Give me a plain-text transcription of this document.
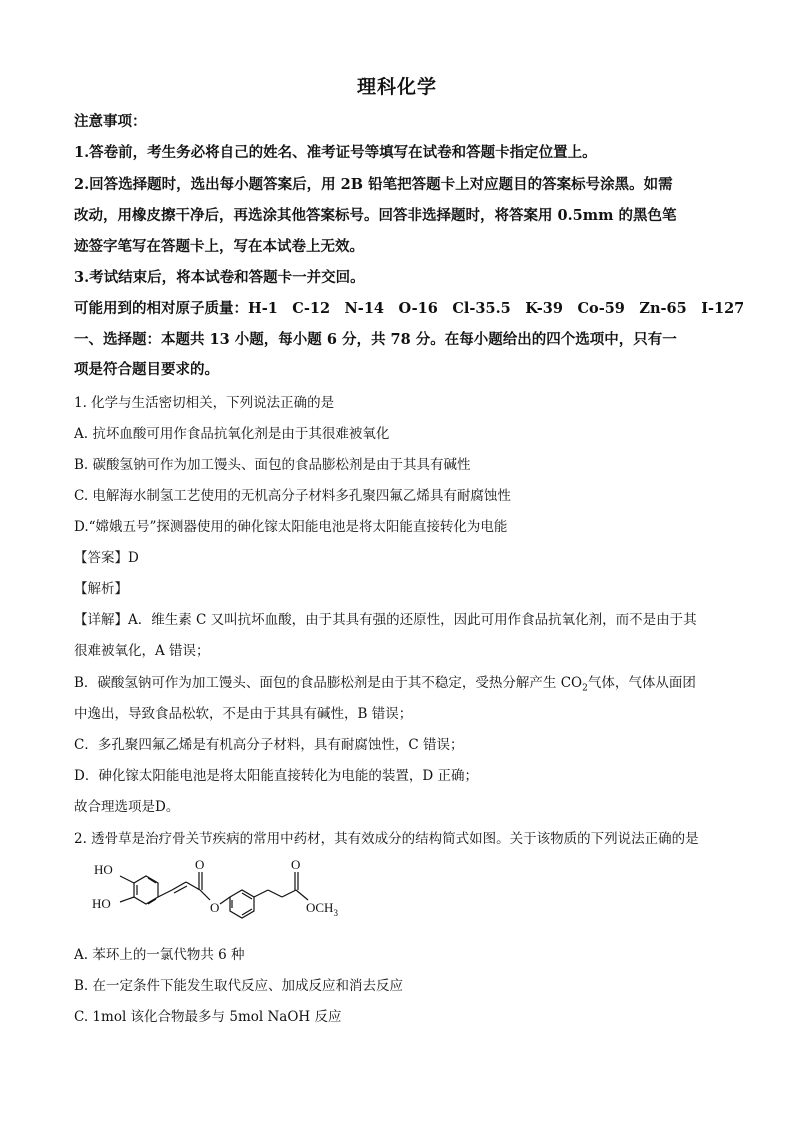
理科化学
注意事项：
1.答卷前，考生务必将自己的姓名、准考证号等填写在试卷和答题卡指定位置上。
2.回答选择题时，选出每小题答案后，用 2B 铅笔把答题卡上对应题目的答案标号涂黑。如需
改动，用橡皮擦干净后，再选涂其他答案标号。回答非选择题时，将答案用 0.5mm 的黑色笔
迹签字笔写在答题卡上，写在本试卷上无效。
3.考试结束后，将本试卷和答题卡一并交回。
可能用到的相对原子质量：H-1　C-12　N-14　O-16　Cl-35.5　K-39　Co-59　Zn-65　I-127
一、选择题：本题共 13 小题，每小题 6 分，共 78 分。在每小题给出的四个选项中，只有一
项是符合题目要求的。
1. 化学与生活密切相关，下列说法正确的是
A. 抗坏血酸可用作食品抗氧化剂是由于其很难被氧化
B. 碳酸氢钠可作为加工馒头、面包的食品膨松剂是由于其具有碱性
C. 电解海水制氢工艺使用的无机高分子材料多孔聚四氟乙烯具有耐腐蚀性
D.“嫦娥五号”探测器使用的砷化镓太阳能电池是将太阳能直接转化为电能
【答案】D
【解析】
【详解】A．维生素 C 又叫抗坏血酸，由于其具有强的还原性，因此可用作食品抗氧化剂，而不是由于其
很难被氧化，A 错误；
B．碳酸氢钠可作为加工馒头、面包的食品膨松剂是由于其不稳定，受热分解产生 $CO_2$气体，气体从面团
中逸出，导致食品松软，不是由于其具有碱性，B 错误；
C．多孔聚四氟乙烯是有机高分子材料，具有耐腐蚀性，C 错误；
D．砷化镓太阳能电池是将太阳能直接转化为电能的装置，D 正确；
故合理选项是D。
2. 透骨草是治疗骨关节疾病的常用中药材，其有效成分的结构简式如图。关于该物质的下列说法正确的是
HO
HO
O
O
O
$OCH_3$
A. 苯环上的一氯代物共 6 种
B. 在一定条件下能发生取代反应、加成反应和消去反应
C. 1mol 该化合物最多与 5mol NaOH 反应
